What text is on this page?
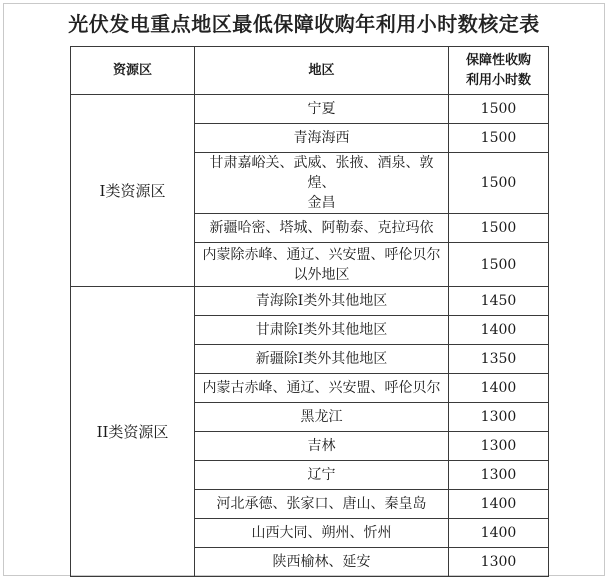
光伏发电重点地区最低保障收购年利用小时数核定表
资源区	地区	保障性收购
利用小时数

I类资源区	宁夏	1500
	青海海西	1500

	甘肃嘉峪关、武威、张掖、酒泉、敦煌、
金昌	1500
	新疆哈密、塔城、阿勒泰、克拉玛依	1500

	内蒙除赤峰、通辽、兴安盟、呼伦贝尔
以外地区	1500
II类资源区	青海除I类外其他地区	1450
	甘肃除I类外其他地区	1400
	新疆除I类外其他地区	1350
	内蒙古赤峰、通辽、兴安盟、呼伦贝尔	1400
	黑龙江	1300
	吉林	1300
	辽宁	1300
	河北承德、张家口、唐山、秦皇岛	1400
	山西大同、朔州、忻州	1400
	陕西榆林、延安	1300
